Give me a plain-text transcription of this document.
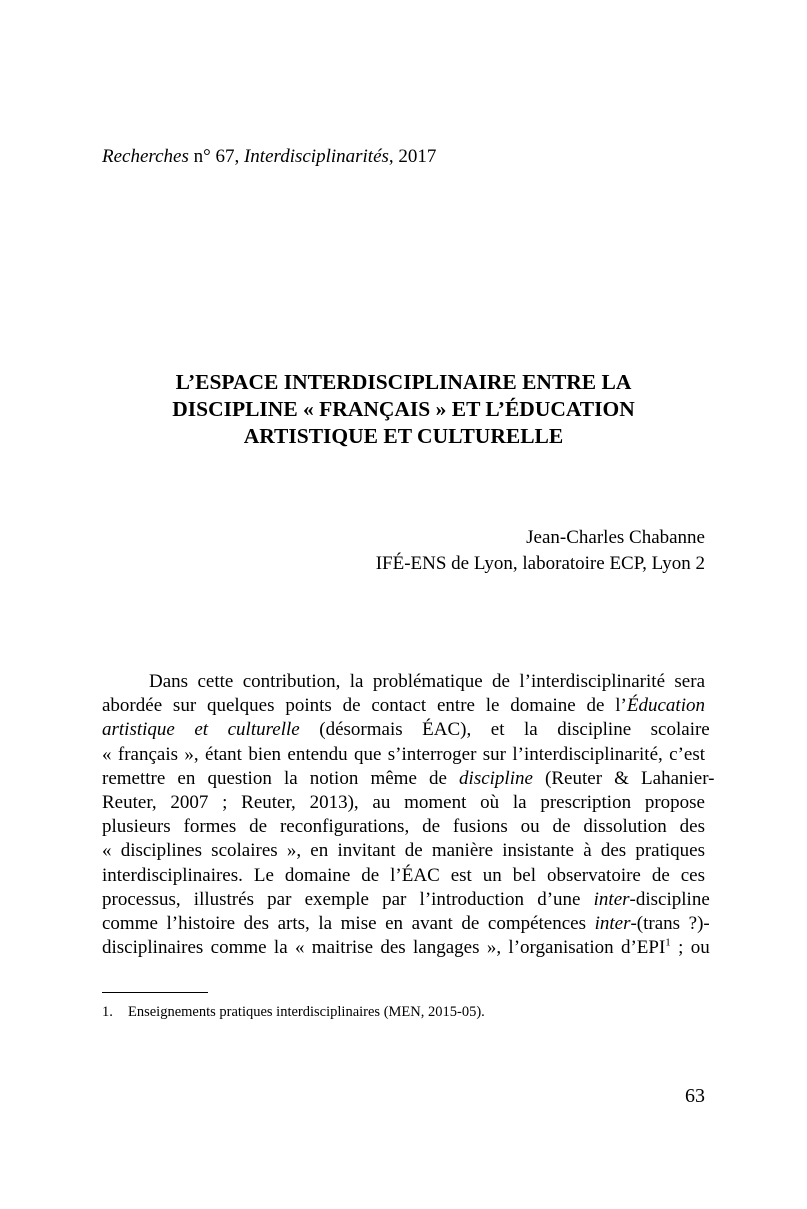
Recherches n° 67, Interdisciplinarités, 2017
L’ESPACE INTERDISCIPLINAIRE ENTRE LA
DISCIPLINE « FRANÇAIS » ET L’ÉDUCATION
ARTISTIQUE ET CULTURELLE
Jean-Charles Chabanne
IFÉ-ENS de Lyon, laboratoire ECP, Lyon 2
Dans cette contribution, la problématique de l’interdisciplinarité sera
abordée sur quelques points de contact entre le domaine de l’Éducation
artistique et culturelle (désormais ÉAC), et la discipline scolaire
« français », étant bien entendu que s’interroger sur l’interdisciplinarité, c’est
remettre en question la notion même de discipline (Reuter & Lahanier-
Reuter, 2007 ; Reuter, 2013), au moment où la prescription propose
plusieurs formes de reconfigurations, de fusions ou de dissolution des
« disciplines scolaires », en invitant de manière insistante à des pratiques
interdisciplinaires. Le domaine de l’ÉAC est un bel observatoire de ces
processus, illustrés par exemple par l’introduction d’une inter-discipline
comme l’histoire des arts, la mise en avant de compétences inter-(trans ?)-
disciplinaires comme la « maitrise des langages », l’organisation d’EPI$^1$ ; ou
1. Enseignements pratiques interdisciplinaires (MEN, 2015-05).
63
